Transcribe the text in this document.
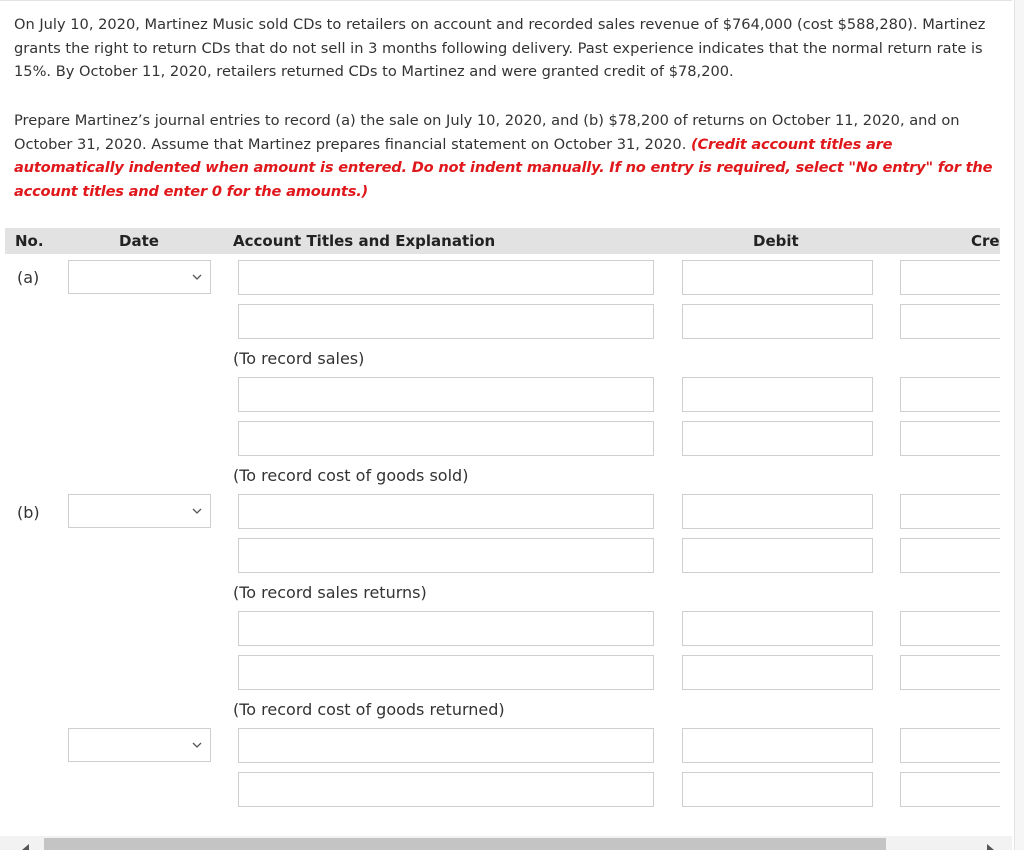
On July 10, 2020, Martinez Music sold CDs to retailers on account and recorded sales revenue of $764,000 (cost $588,280). Martinez grants the right to return CDs that do not sell in 3 months following delivery. Past experience indicates that the normal return rate is 15%. By October 11, 2020, retailers returned CDs to Martinez and were granted credit of $78,200.

Prepare Martinez’s journal entries to record (a) the sale on July 10, 2020, and (b) $78,200 of returns on October 11, 2020, and on October 31, 2020. Assume that Martinez prepares financial statement on October 31, 2020. (Credit account titles are automatically indented when amount is entered. Do not indent manually. If no entry is required, select "No entry" for the account titles and enter 0 for the amounts.)

No.	Date	Account Titles and Explanation	Debit	Cre
(a)
(To record sales)
(To record cost of goods sold)
(b)
(To record sales returns)
(To record cost of goods returned)
